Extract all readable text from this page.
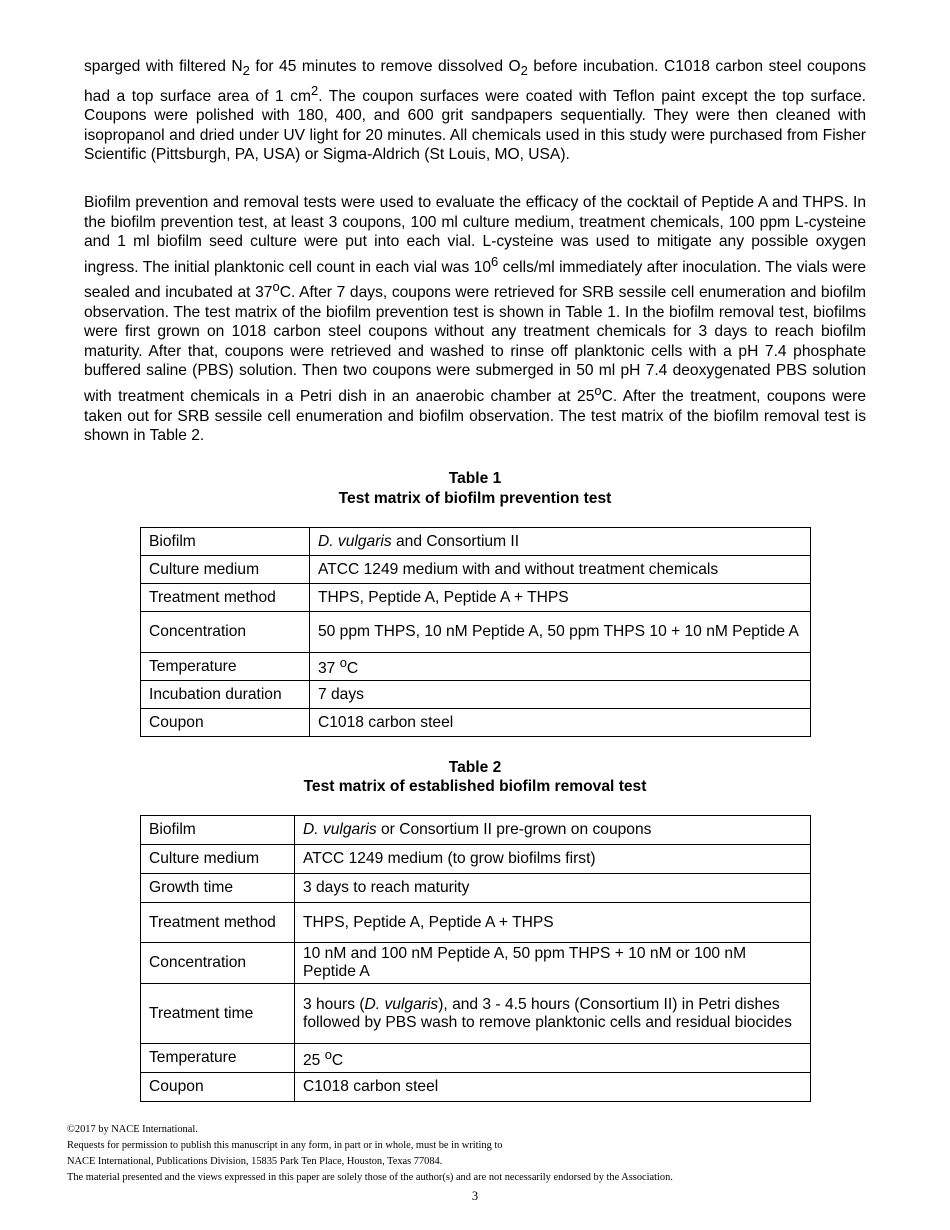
sparged with filtered $N_2$ for 45 minutes to remove dissolved $O_2$ before incubation. C1018 carbon steel coupons had a top surface area of 1 $cm^2$. The coupon surfaces were coated with Teflon paint except the top surface. Coupons were polished with 180, 400, and 600 grit sandpapers sequentially. They were then cleaned with isopropanol and dried under UV light for 20 minutes. All chemicals used in this study were purchased from Fisher Scientific (Pittsburgh, PA, USA) or Sigma-Aldrich (St Louis, MO, USA).

Biofilm prevention and removal tests were used to evaluate the efficacy of the cocktail of Peptide A and THPS. In the biofilm prevention test, at least 3 coupons, 100 ml culture medium, treatment chemicals, 100 ppm L-cysteine and 1 ml biofilm seed culture were put into each vial. L-cysteine was used to mitigate any possible oxygen ingress. The initial planktonic cell count in each vial was $10^6$ cells/ml immediately after inoculation. The vials were sealed and incubated at 37$^o$C. After 7 days, coupons were retrieved for SRB sessile cell enumeration and biofilm observation. The test matrix of the biofilm prevention test is shown in Table 1. In the biofilm removal test, biofilms were first grown on 1018 carbon steel coupons without any treatment chemicals for 3 days to reach biofilm maturity. After that, coupons were retrieved and washed to rinse off planktonic cells with a pH 7.4 phosphate buffered saline (PBS) solution. Then two coupons were submerged in 50 ml pH 7.4 deoxygenated PBS solution with treatment chemicals in a Petri dish in an anaerobic chamber at 25$^o$C. After the treatment, coupons were taken out for SRB sessile cell enumeration and biofilm observation. The test matrix of the biofilm removal test is shown in Table 2.

Table 1

Test matrix of biofilm prevention test

Biofilm	D. vulgaris and Consortium II
Culture medium	ATCC 1249 medium with and without treatment chemicals
Treatment method	THPS, Peptide A, Peptide A + THPS
Concentration	50 ppm THPS, 10 nM Peptide A, 50 ppm THPS 10 + 10 nM Peptide A
Temperature	37 $^o$C
Incubation duration	7 days
Coupon	C1018 carbon steel

Table 2

Test matrix of established biofilm removal test

Biofilm	D. vulgaris or Consortium II pre-grown on coupons
Culture medium	ATCC 1249 medium (to grow biofilms first)
Growth time	3 days to reach maturity
Treatment method	THPS, Peptide A, Peptide A + THPS
Concentration	10 nM and 100 nM Peptide A, 50 ppm THPS + 10 nM or 100 nM Peptide A
Treatment time	3 hours (D. vulgaris), and 3 - 4.5 hours (Consortium II) in Petri dishes followed by PBS wash to remove planktonic cells and residual biocides
Temperature	25 $^o$C
Coupon	C1018 carbon steel

©2017 by NACE International.

Requests for permission to publish this manuscript in any form, in part or in whole, must be in writing to

NACE International, Publications Division, 15835 Park Ten Place, Houston, Texas 77084.

The material presented and the views expressed in this paper are solely those of the author(s) and are not necessarily endorsed by the Association.

3
